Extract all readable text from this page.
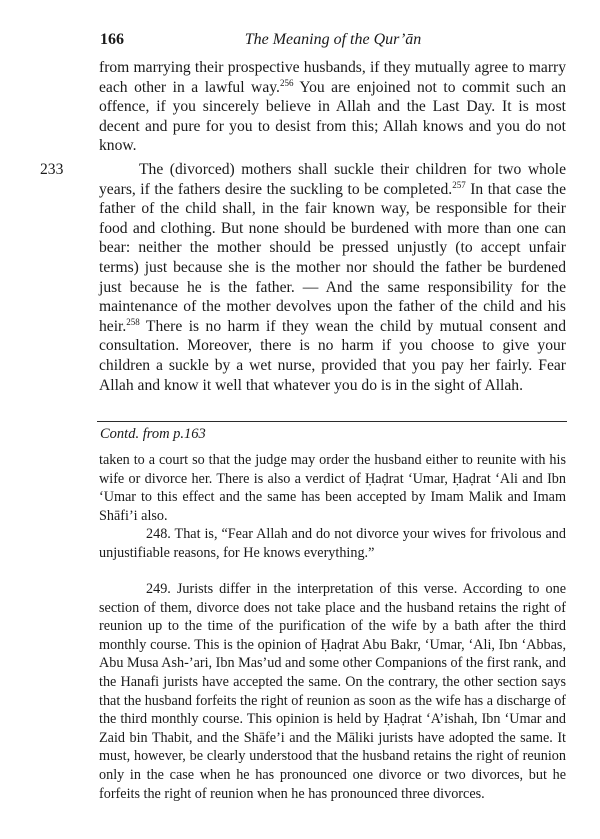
166	The Meaning of the Qur’ān

from marrying their prospective husbands, if they mutually agree to marry each other in a lawful way.$^{256}$ You are enjoined not to commit such an offence, if you sincerely believe in Allah and the Last Day. It is most decent and pure for you to desist from this; Allah knows and you do not know.

233	The (divorced) mothers shall suckle their children for two whole years, if the fathers desire the suckling to be completed.$^{257}$ In that case the father of the child shall, in the fair known way, be responsible for their food and clothing. But none should be burdened with more than one can bear: neither the mother should be pressed unjustly (to accept unfair terms) just because she is the mother nor should the father be burdened just because he is the father. — And the same responsibility for the maintenance of the mother devolves upon the father of the child and his heir.$^{258}$ There is no harm if they wean the child by mutual consent and consultation. Moreover, there is no harm if you choose to give your children a suckle by a wet nurse, provided that you pay her fairly. Fear Allah and know it well that whatever you do is in the sight of Allah.

Contd. from p.163

taken to a court so that the judge may order the husband either to reunite with his wife or divorce her. There is also a verdict of Ḥaḍrat ‘Umar, Ḥaḍrat ‘Ali and Ibn ‘Umar to this effect and the same has been accepted by Imam Malik and Imam Shāfi’i also.

248. That is, “Fear Allah and do not divorce your wives for frivolous and unjustifiable reasons, for He knows everything.”

249. Jurists differ in the interpretation of this verse. According to one section of them, divorce does not take place and the husband retains the right of reunion up to the time of the purification of the wife by a bath after the third monthly course. This is the opinion of Ḥaḍrat Abu Bakr, ‘Umar, ‘Ali, Ibn ‘Abbas, Abu Musa Ash-’ari, Ibn Mas’ud and some other Companions of the first rank, and the Hanafi jurists have accepted the same. On the contrary, the other section says that the husband forfeits the right of reunion as soon as the wife has a discharge of the third monthly course. This opinion is held by Ḥaḍrat ‘A’ishah, Ibn ‘Umar and Zaid bin Thabit, and the Shāfe’i and the Māliki jurists have adopted the same. It must, however, be clearly understood that the husband retains the right of reunion only in the case when he has pronounced one divorce or two divorces, but he forfeits the right of reunion when he has pronounced three divorces.
